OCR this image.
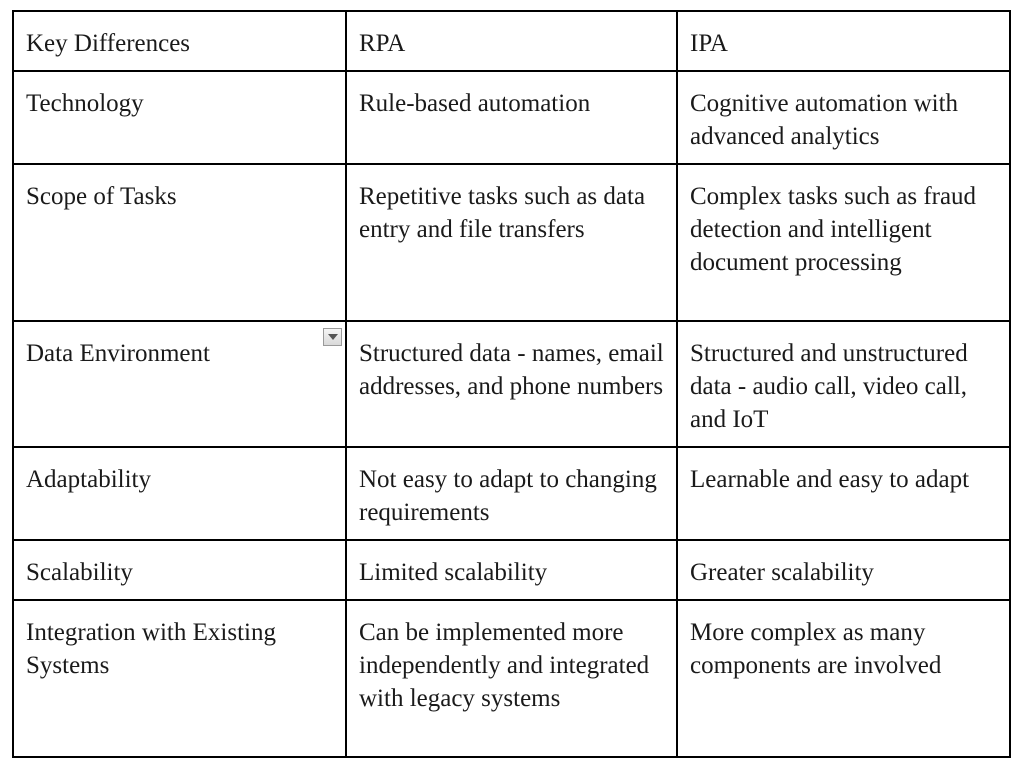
Key Differences	RPA	IPA
Technology	Rule-based automation	Cognitive automation with advanced analytics
Scope of Tasks	Repetitive tasks such as data entry and file transfers	Complex tasks such as fraud detection and intelligent document processing
Data Environment	Structured data - names, email addresses, and phone numbers	Structured and unstructured data - audio call, video call, and IoT
Adaptability	Not easy to adapt to changing requirements	Learnable and easy to adapt
Scalability	Limited scalability	Greater scalability
Integration with Existing Systems	Can be implemented more independently and integrated with legacy systems	More complex as many components are involved
